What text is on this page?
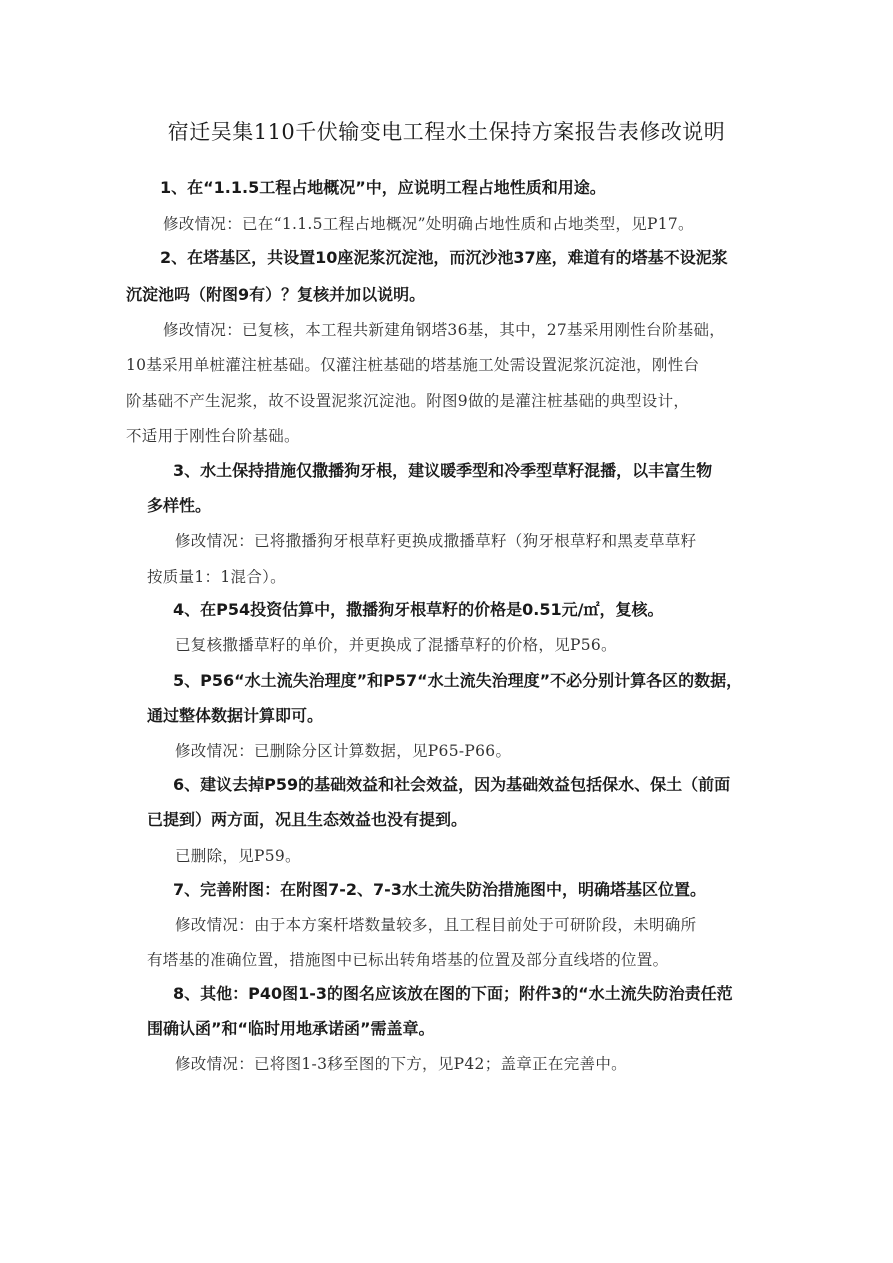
宿迁吴集110千伏输变电工程水土保持方案报告表修改说明
1、在“1.1.5工程占地概况”中，应说明工程占地性质和用途。
修改情况：已在“1.1.5工程占地概况”处明确占地性质和占地类型，见P17。
2、在塔基区，共设置10座泥浆沉淀池，而沉沙池37座，难道有的塔基不设泥浆
沉淀池吗（附图9有）？复核并加以说明。
修改情况：已复核，本工程共新建角钢塔36基，其中，27基采用刚性台阶基础，
10基采用单桩灌注桩基础。仅灌注桩基础的塔基施工处需设置泥浆沉淀池，刚性台
阶基础不产生泥浆，故不设置泥浆沉淀池。附图9做的是灌注桩基础的典型设计，
不适用于刚性台阶基础。
3、水土保持措施仅撒播狗牙根，建议暖季型和冷季型草籽混播，以丰富生物
多样性。
修改情况：已将撒播狗牙根草籽更换成撒播草籽（狗牙根草籽和黑麦草草籽
按质量1：1混合）。
4、在P54投资估算中，撒播狗牙根草籽的价格是0.51元/㎡，复核。
已复核撒播草籽的单价，并更换成了混播草籽的价格，见P56。
5、P56“水土流失治理度”和P57“水土流失治理度”不必分别计算各区的数据，
通过整体数据计算即可。
修改情况：已删除分区计算数据，见P65-P66。
6、建议去掉P59的基础效益和社会效益，因为基础效益包括保水、保土（前面
已提到）两方面，况且生态效益也没有提到。
已删除，见P59。
7、完善附图：在附图7-2、7-3水土流失防治措施图中，明确塔基区位置。
修改情况：由于本方案杆塔数量较多，且工程目前处于可研阶段，未明确所
有塔基的准确位置，措施图中已标出转角塔基的位置及部分直线塔的位置。
8、其他：P40图1-3的图名应该放在图的下面；附件3的“水土流失防治责任范
围确认函”和“临时用地承诺函”需盖章。
修改情况：已将图1-3移至图的下方，见P42；盖章正在完善中。
